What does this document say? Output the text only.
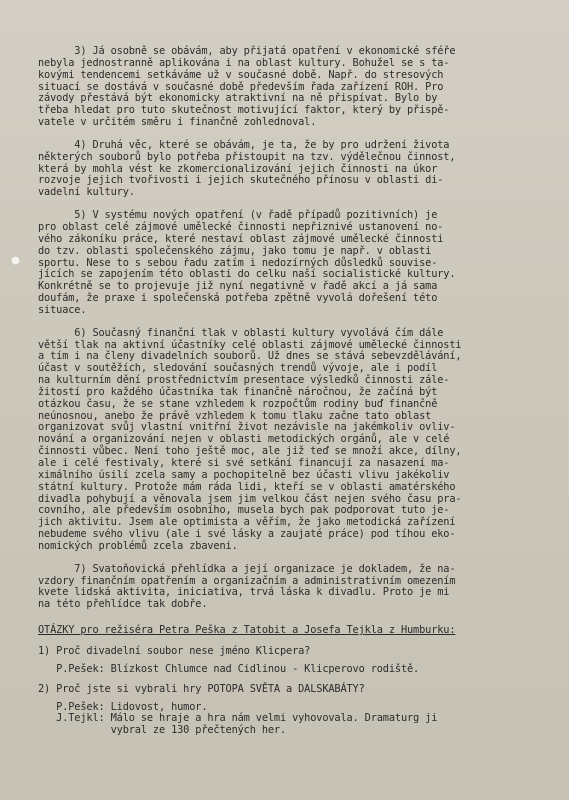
3) Já osobně se obávám, aby přijatá opatření v ekonomické sféře
nebyla jednostranně aplikována i na oblast kultury. Bohužel se s ta-
kovými tendencemi setkáváme už v současné době. Např. do stresových
situací se dostává v současné době především řada zařízení ROH. Pro
závody přestává být ekonomicky atraktivní na ně přispívat. Bylo by
třeba hledat pro tuto skutečnost motivující faktor, který by přispě-
vatele v určitém směru i finančně zohlednoval.
4) Druhá věc, které se obávám, je ta, že by pro udržení života
některých souborů bylo potřeba přistoupit na tzv. výdělečnou činnost,
která by mohla vést ke zkomercionalizování jejich činnosti na úkor
rozvoje jejich tvořivosti i jejich skutečného přínosu v oblasti di-
vadelní kultury.
5) V systému nových opatření (v řadě případů pozitivních) je
pro oblast celé zájmové umělecké činnosti nepřiznivé ustanovení no-
vého zákoníku práce, které nestaví oblast zájmové umělecké činnosti
do tzv. oblasti společenského zájmu, jako tomu je např. v oblasti
sportu. Nese to s sebou řadu zatím i nedozírných důsledků souvise-
jících se zapojením této oblasti do celku naší socialistické kultury.
Konkrétně se to projevuje již nyní negativně v řadě akcí a já sama
doufám, že praxe i společenská potřeba zpětně vyvolá dořešení této
situace.
6) Současný finanční tlak v oblasti kultury vyvolává čím dále
větší tlak na aktivní účastníky celé oblasti zájmové umělecké činnosti
a tím i na členy divadelních souborů. Už dnes se stává sebevzdělávání,
účast v soutěžích, sledování současných trendů vývoje, ale i podíl
na kulturním dění prostřednictvím presentace výsledků činnosti zále-
žitostí pro každého účastníka tak finančně náročnou, že začíná být
otázkou času, že se stane vzhledem k rozpočtům rodiny buď finančně
neúnosnou, anebo že právě vzhledem k tomu tlaku začne tato oblast
organizovat svůj vlastní vnitřní život nezávisle na jakémkoliv ovliv-
nování a organizování nejen v oblasti metodických orgánů, ale v celé
činnosti vůbec. Není toho ještě moc, ale již teď se množí akce, dílny,
ale i celé festivaly, které si své setkání financují za nasazení ma-
ximálního úsilí zcela samy a pochopitelně bez účasti vlivu jakékoliv
státní kultury. Protože mám ráda lidi, kteří se v oblasti amatérského
divadla pohybují a věnovala jsem jim velkou část nejen svého času pra-
covního, ale především osobního, musela bych pak podporovat tuto je-
jich aktivitu. Jsem ale optimista a věřím, že jako metodická zařízení
nebudeme svého vlivu (ale i své lásky a zaujaté práce) pod tíhou eko-
nomických problémů zcela zbaveni.
7) Svatoňovická přehlídka a její organizace je dokladem, že na-
vzdory finančním opatřením a organizačním a administrativním omezením
kvete lidská aktivita, iniciativa, trvá láska k divadlu. Proto je mi
na této přehlídce tak dobře.
OTÁZKY pro režiséra Petra Peška z Tatobit a Josefa Tejkla z Humburku:
1) Proč divadelní soubor nese jméno Klicpera?
P.Pešek: Blízkost Chlumce nad Cidlinou - Klicperovo rodiště.
2) Proč jste si vybrali hry POTOPA SVĚTA a DALSKABÁTY?
P.Pešek: Lidovost, humor.
J.Tejkl: Málo se hraje a hra nám velmi vyhovovala. Dramaturg ji
vybral ze 130 přečtených her.
